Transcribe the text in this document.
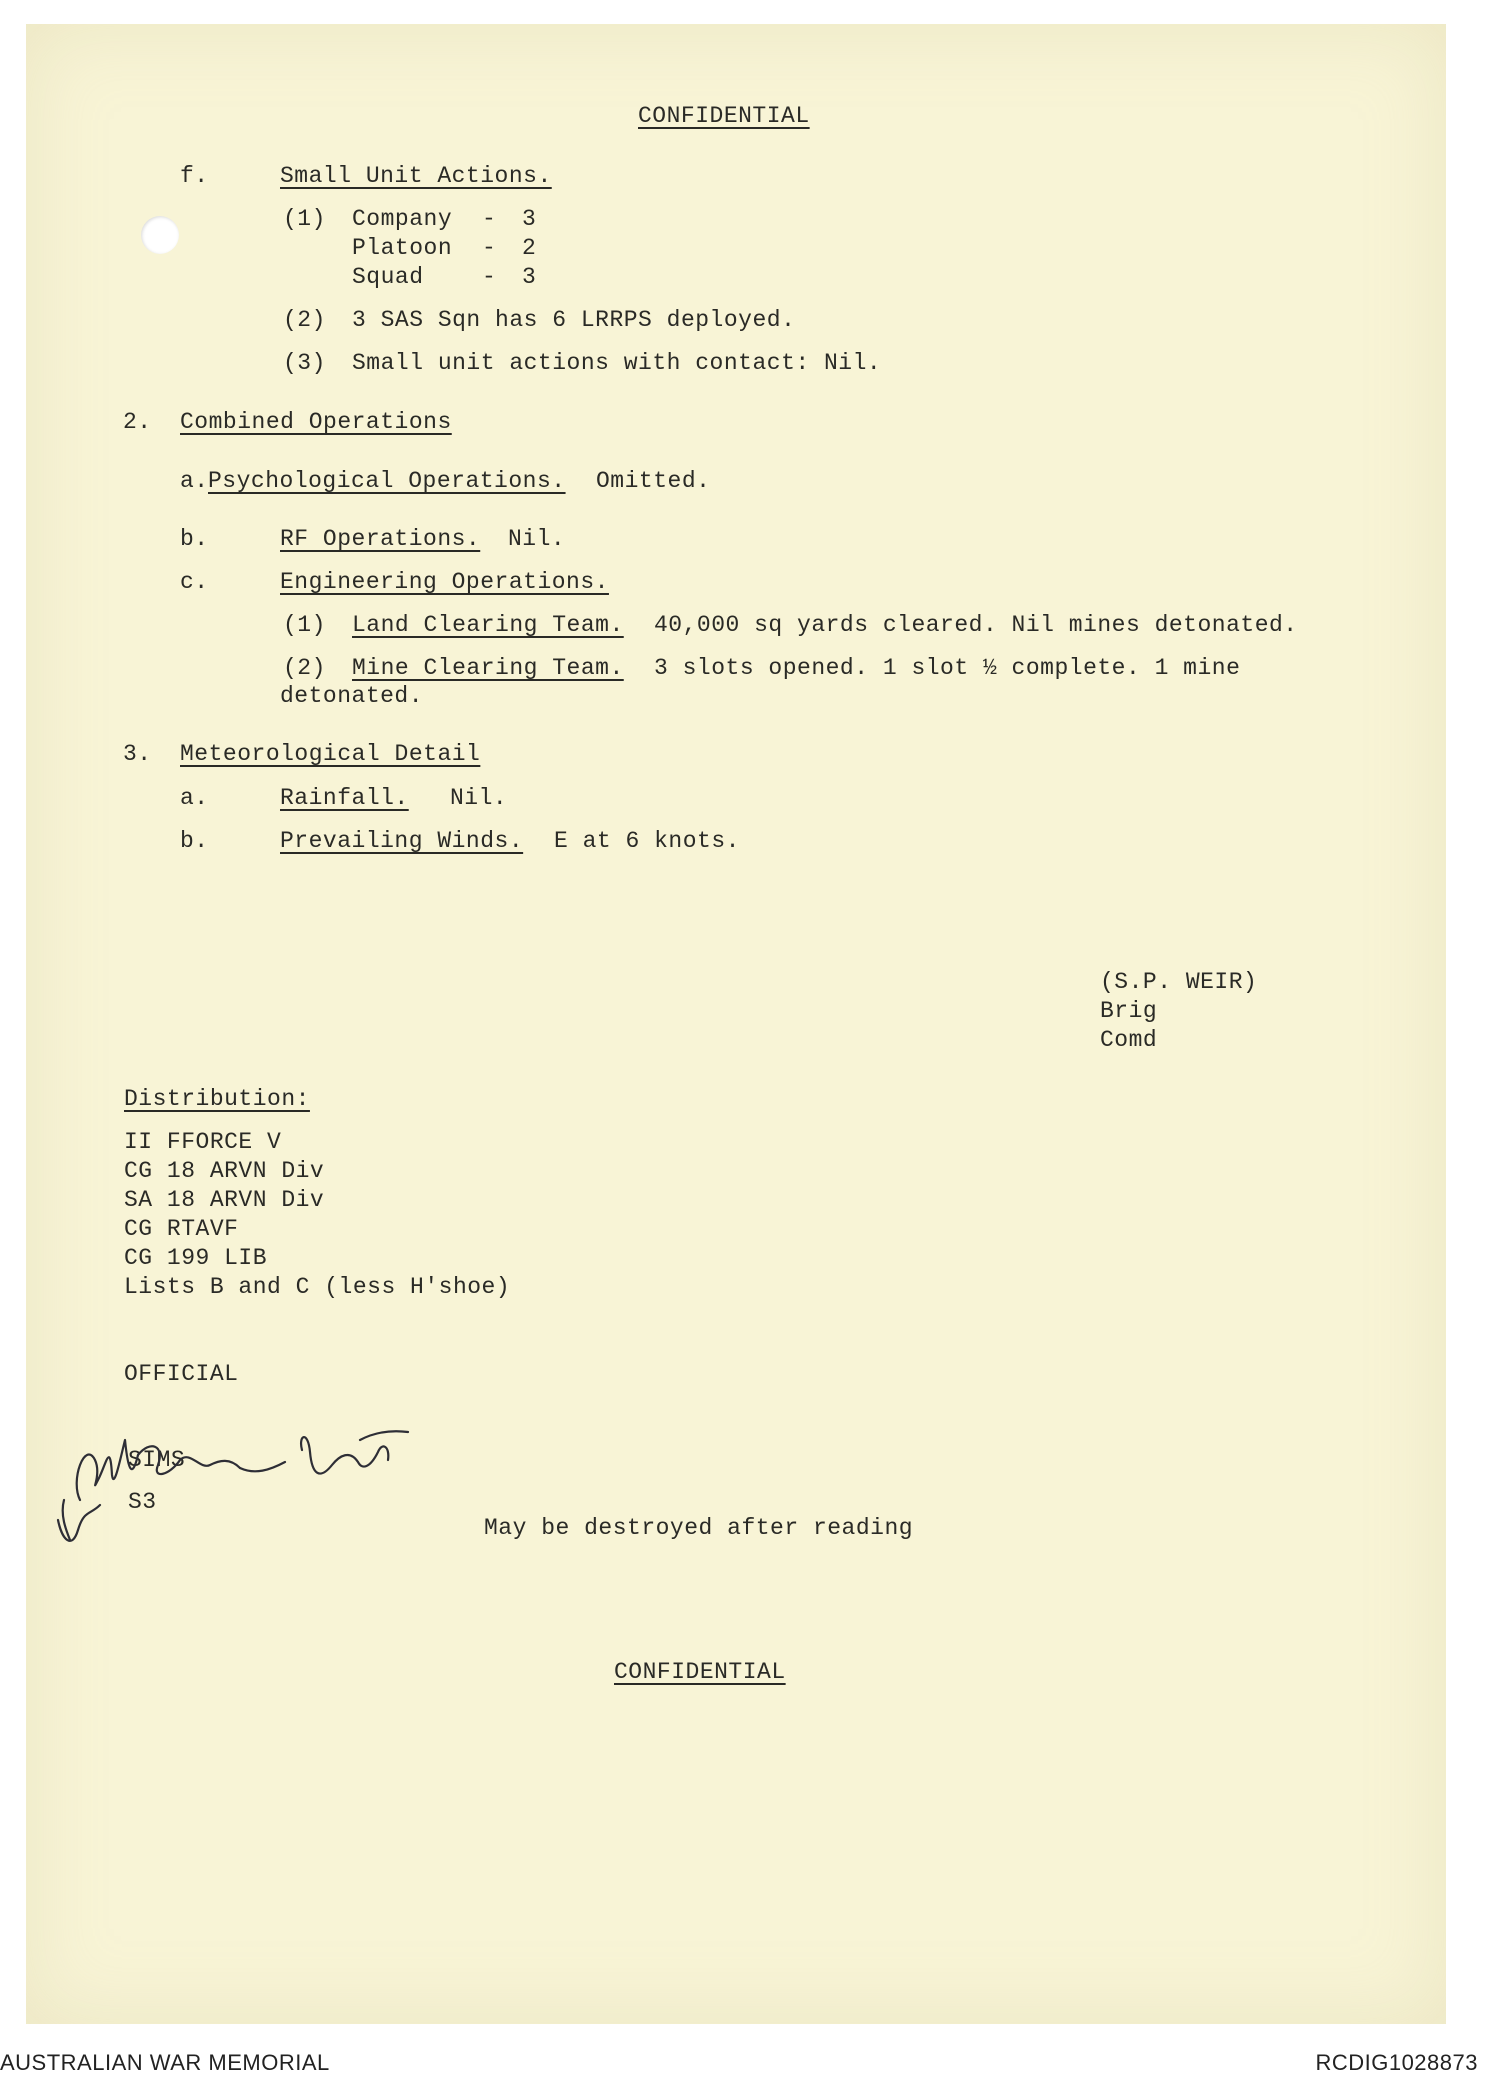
CONFIDENTIAL
f.	Small Unit Actions.
(1) Company - 3
Platoon - 2
Squad	- 3
(2) 3 SAS Sqn has 6 LRRPS deployed.
(3) Small unit actions with contact: Nil.
2. Combined Operations
a. Psychological Operations. Omitted.
b.	RF Operations. Nil.
c.	Engineering Operations.
(1) Land Clearing Team. 40,000 sq yards cleared. Nil mines detonated.
(2) Mine Clearing Team. 3 slots opened. 1 slot ½ complete. 1 mine
detonated.
3. Meteorological Detail
a.	Rainfall. Nil.
b.	Prevailing Winds. E at 6 knots.
(S.P. WEIR)
Brig
Comd
Distribution:
II FFORCE V
CG 18 ARVN Div
SA 18 ARVN Div
CG RTAVF
CG 199 LIB
Lists B and C (less H'shoe)
OFFICIAL
SIMS
S3
May be destroyed after reading
CONFIDENTIAL
AUSTRALIAN WAR MEMORIAL	RCDIG1028873
